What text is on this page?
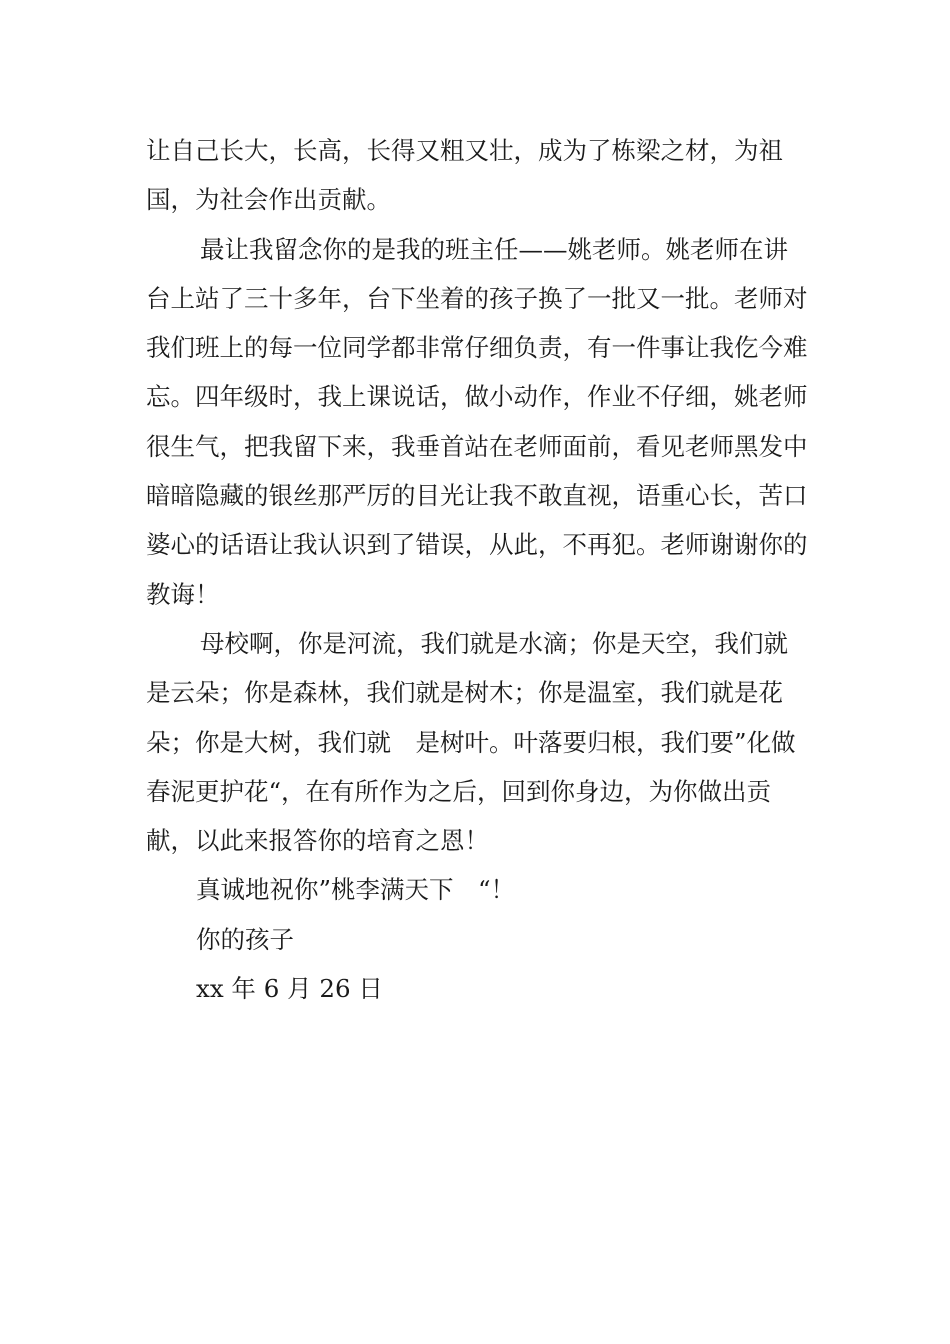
让自己长大，长高，长得又粗又壮，成为了栋梁之材，为祖国，为社会作出贡献。

最让我留念你的是我的班主任——姚老师。姚老师在讲台上站了三十多年，台下坐着的孩子换了一批又一批。老师对我们班上的每一位同学都非常仔细负责，有一件事让我仡今难忘。四年级时，我上课说话，做小动作，作业不仔细，姚老师很生气，把我留下来，我垂首站在老师面前，看见老师黑发中暗暗隐藏的银丝那严厉的目光让我不敢直视，语重心长，苦口婆心的话语让我认识到了错误，从此，不再犯。老师谢谢你的教诲！

母校啊，你是河流，我们就是水滴；你是天空，我们就是云朵；你是森林，我们就是树木；你是温室，我们就是花朵；你是大树，我们就　是树叶。叶落要归根，我们要”化做春泥更护花“，在有所作为之后，回到你身边，为你做出贡献，以此来报答你的培育之恩！

真诚地祝你”桃李满天下　“！

你的孩子

xx 年 6 月 26 日
